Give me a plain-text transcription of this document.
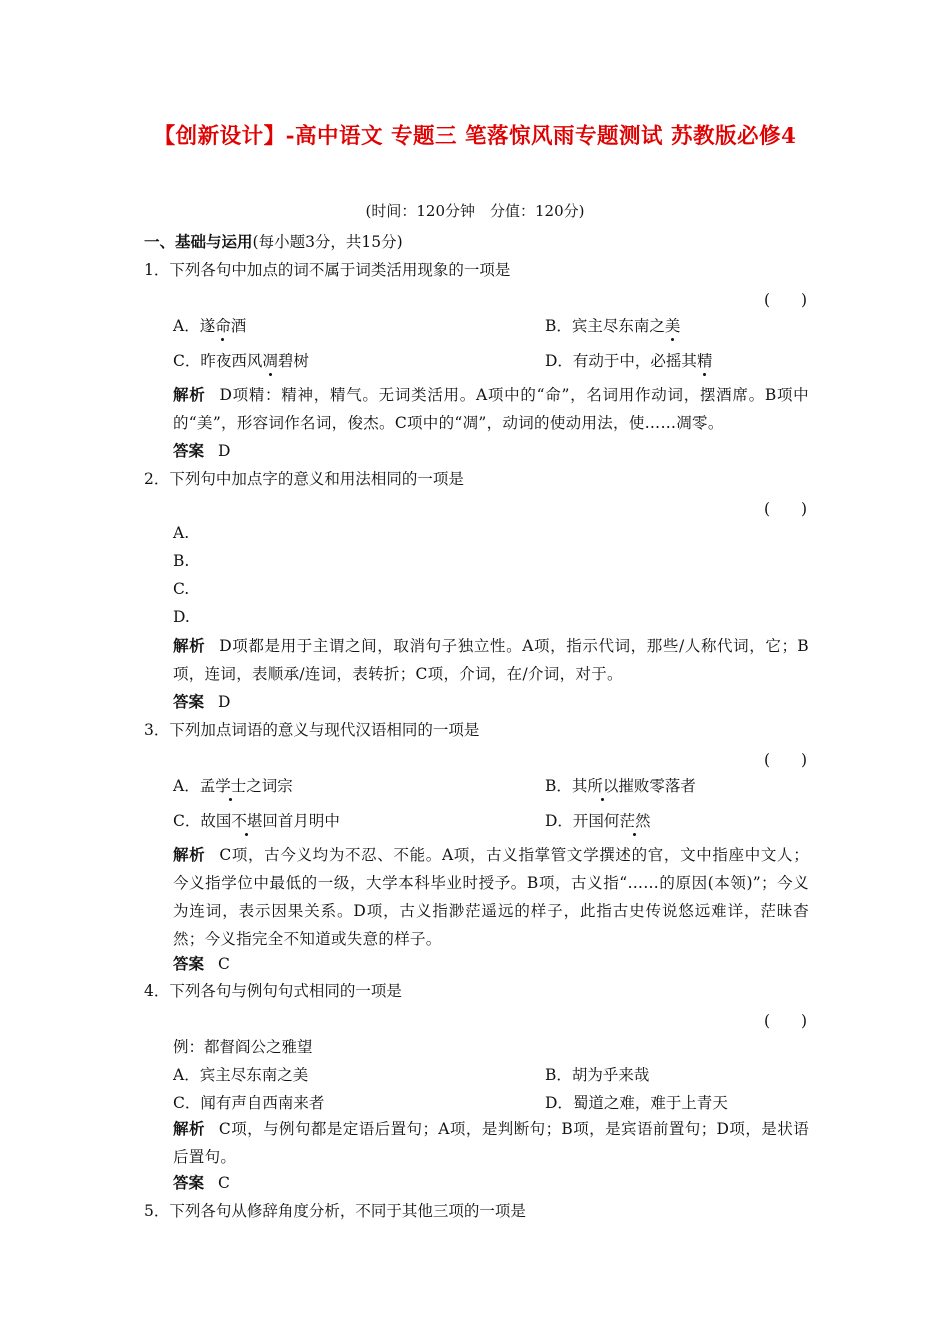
【创新设计】-高中语文 专题三 笔落惊风雨专题测试 苏教版必修4
(时间：120分钟　分值：120分)
一、基础与运用(每小题3分，共15分)
1．下列各句中加点的词不属于词类活用现象的一项是
(　　)
A．遂命酒	B．宾主尽东南之美
C．昨夜西风凋碧树	D．有动于中，必摇其精
解析 D项精：精神，精气。无词类活用。A项中的“命”，名词用作动词，摆酒席。B项中的“美”，形容词作名词，俊杰。C项中的“凋”，动词的使动用法，使……凋零。
答案 D
2．下列句中加点字的意义和用法相同的一项是
(　　)
A.
B.
C.
D.
解析 D项都是用于主谓之间，取消句子独立性。A项，指示代词，那些/人称代词，它；B项，连词，表顺承/连词，表转折；C项，介词，在/介词，对于。
答案 D
3．下列加点词语的意义与现代汉语相同的一项是
(　　)
A．孟学士之词宗	B．其所以摧败零落者
C．故国不堪回首月明中	D．开国何茫然
解析 C项，古今义均为不忍、不能。A项，古义指掌管文学撰述的官，文中指座中文人；今义指学位中最低的一级，大学本科毕业时授予。B项，古义指“……的原因(本领)”；今义为连词，表示因果关系。D项，古义指渺茫遥远的样子，此指古史传说悠远难详，茫昧杳然；今义指完全不知道或失意的样子。
答案 C
4．下列各句与例句句式相同的一项是
(　　)
例：都督阎公之雅望
A．宾主尽东南之美	B．胡为乎来哉
C．闻有声自西南来者	D．蜀道之难，难于上青天
解析 C项，与例句都是定语后置句；A项，是判断句；B项，是宾语前置句；D项，是状语后置句。
答案 C
5．下列各句从修辞角度分析，不同于其他三项的一项是
